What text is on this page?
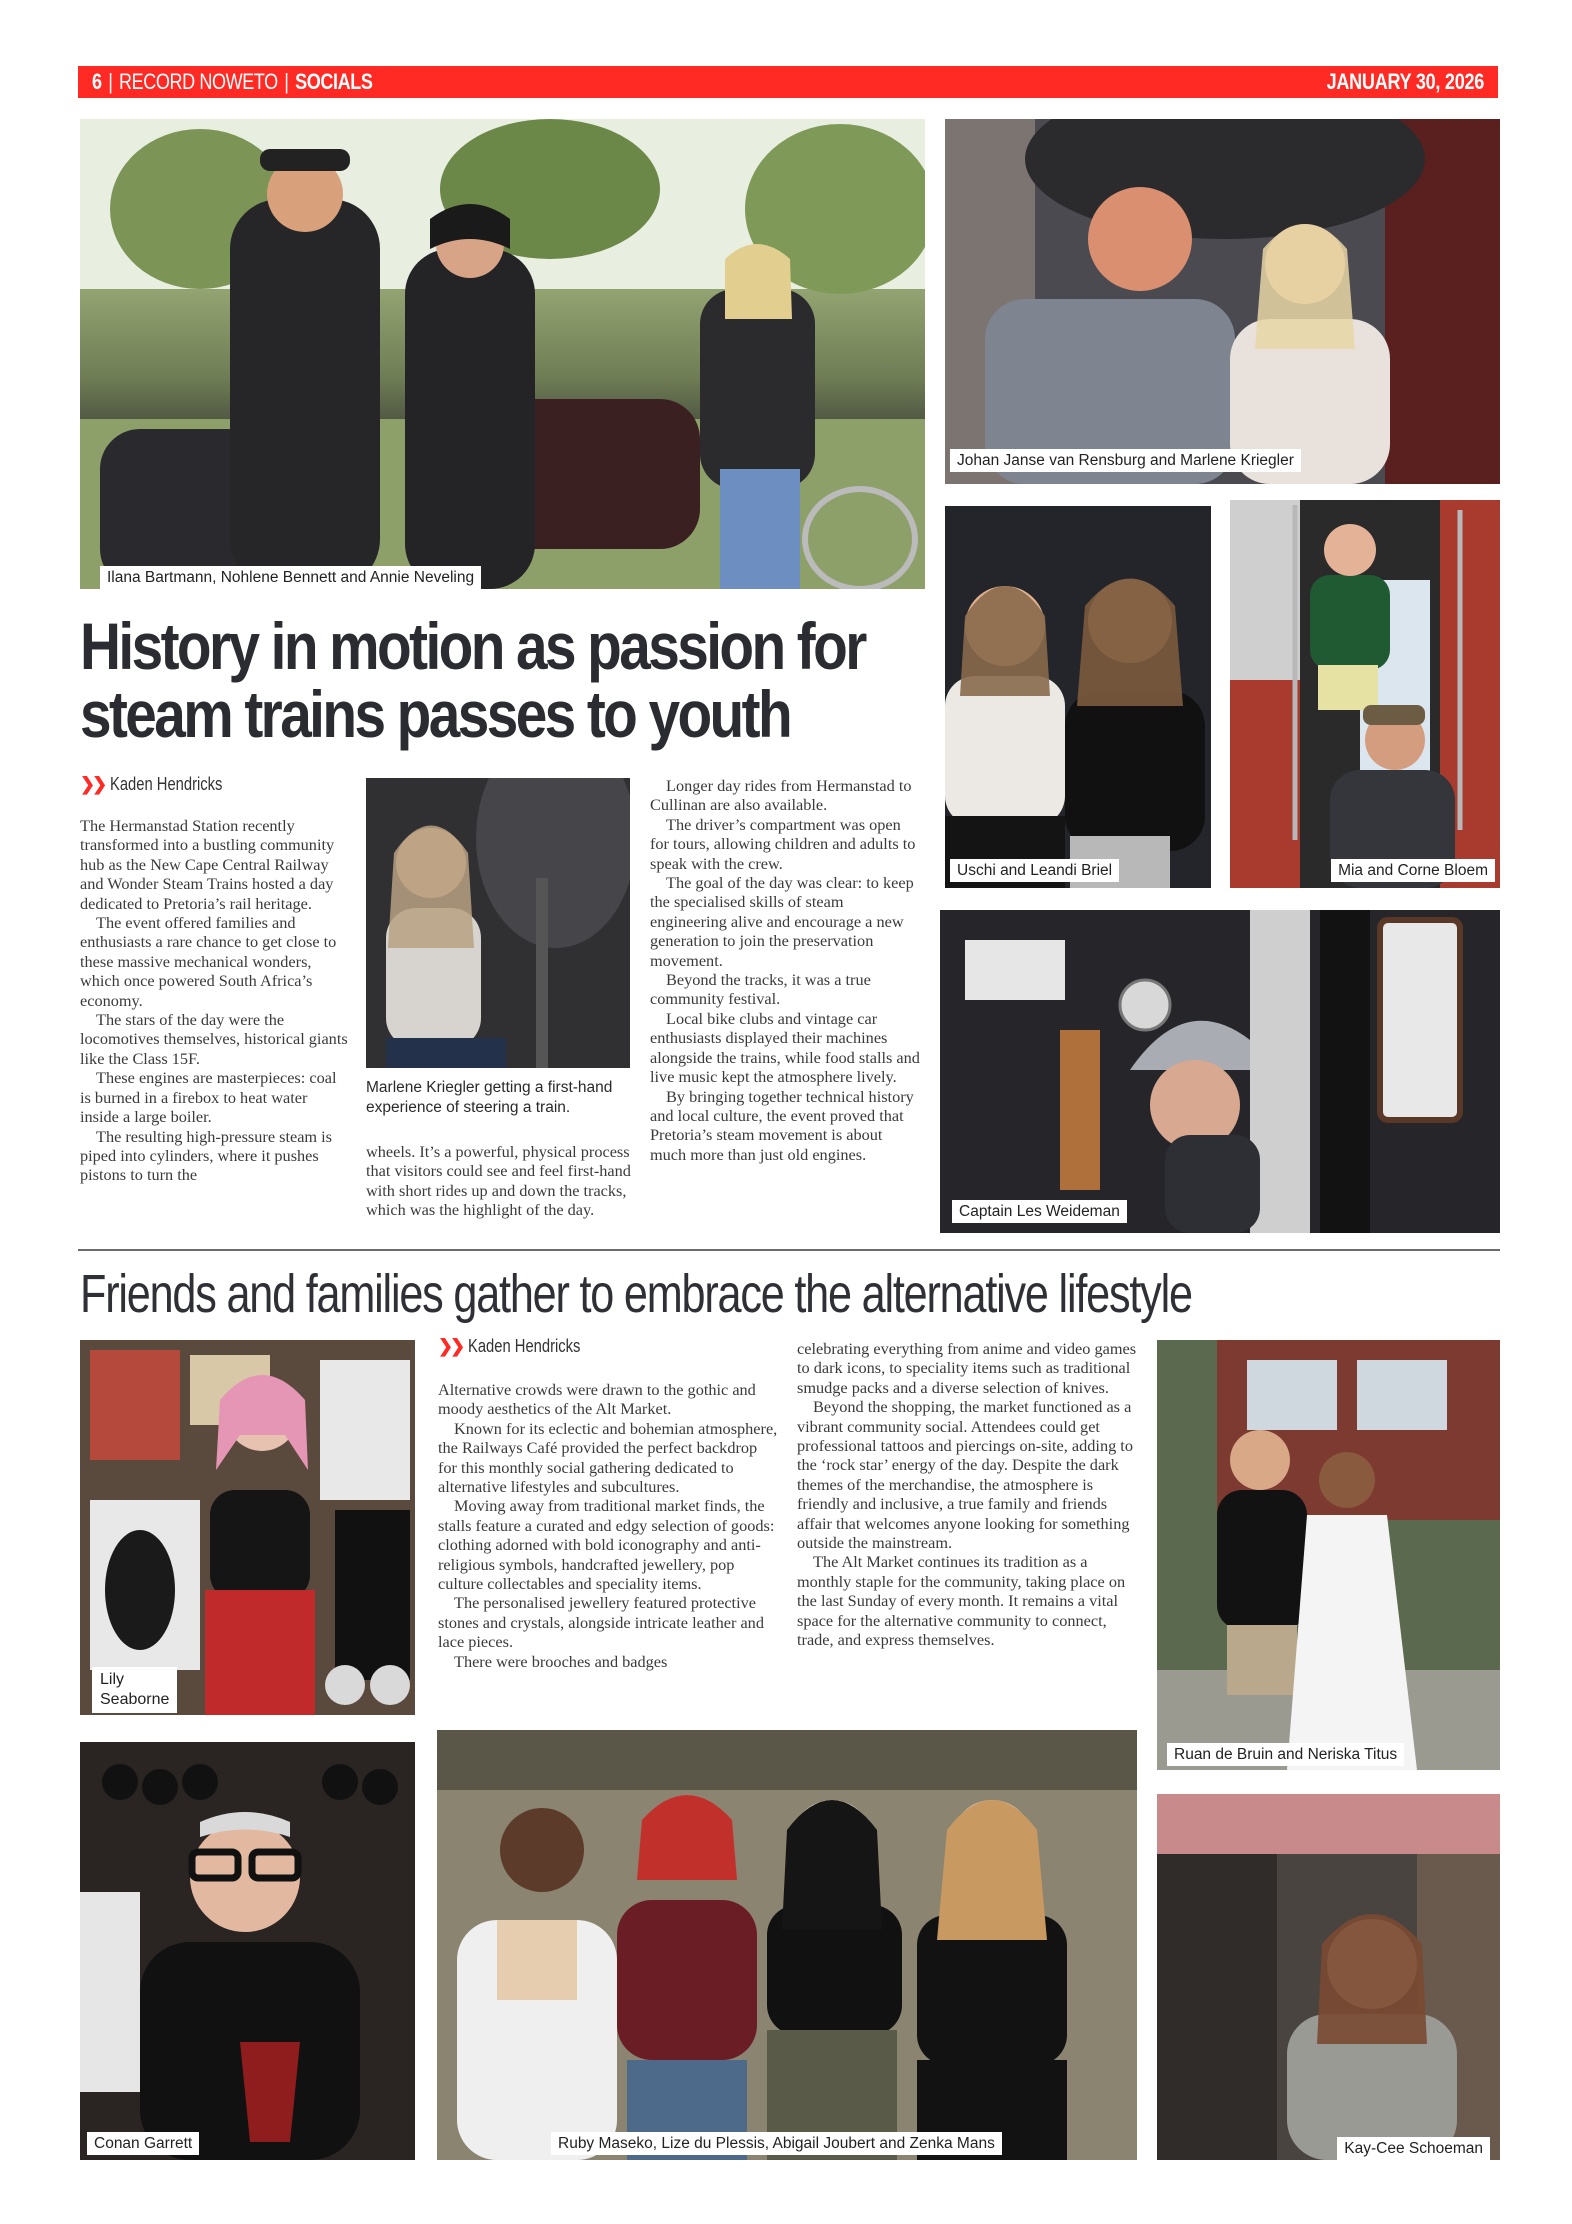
6 | RECORD NOWETO | SOCIALS	JANUARY 30, 2026
Ilana Bartmann, Nohlene Bennett and Annie Neveling
Johan Janse van Rensburg and Marlene Kriegler
Uschi and Leandi Briel	Mia and Corne Bloem
Captain Les Weideman
Marlene Kriegler getting a first-hand experience of steering a train.
History in motion as passion for
steam trains passes to youth
❯❯ Kaden Hendricks

The Hermanstad Station recently transformed into a bustling community hub as the New Cape Central Railway and Wonder Steam Trains hosted a day dedicated to Pretoria’s rail heritage.

The event offered families and enthusiasts a rare chance to get close to these massive mechanical wonders, which once powered South Africa’s economy.

The stars of the day were the locomotives themselves, historical giants like the Class 15F.

These engines are masterpieces: coal is burned in a firebox to heat water inside a large boiler.

The resulting high-pressure steam is piped into cylinders, where it pushes pistons to turn the

wheels. It’s a powerful, physical process that visitors could see and feel first-hand with short rides up and down the tracks, which was the highlight of the day.

Longer day rides from Hermanstad to Cullinan are also available.

The driver’s compartment was open for tours, allowing children and adults to speak with the crew.

The goal of the day was clear: to keep the specialised skills of steam engineering alive and encourage a new generation to join the preservation movement.

Beyond the tracks, it was a true community festival.

Local bike clubs and vintage car enthusiasts displayed their machines alongside the trains, while food stalls and live music kept the atmosphere lively.

By bringing together technical history and local culture, the event proved that Pretoria’s steam movement is about much more than just old engines.

Friends and families gather to embrace the alternative lifestyle
Lily
Seaborne
Ruan de Bruin and Neriska Titus
Conan Garrett	Ruby Maseko, Lize du Plessis, Abigail Joubert and Zenka Mans	Kay-Cee Schoeman
❯❯ Kaden Hendricks

Alternative crowds were drawn to the gothic and moody aesthetics of the Alt Market.

Known for its eclectic and bohemian atmosphere, the Railways Café provided the perfect backdrop for this monthly social gathering dedicated to alternative lifestyles and subcultures.

Moving away from traditional market finds, the stalls feature a curated and edgy selection of goods: clothing adorned with bold iconography and anti-religious symbols, handcrafted jewellery, pop culture collectables and speciality items.

The personalised jewellery featured protective stones and crystals, alongside intricate leather and lace pieces.

There were brooches and badges

celebrating everything from anime and video games to dark icons, to speciality items such as traditional smudge packs and a diverse selection of knives.

Beyond the shopping, the market functioned as a vibrant community social. Attendees could get professional tattoos and piercings on-site, adding to the ‘rock star’ energy of the day. Despite the dark themes of the merchandise, the atmosphere is friendly and inclusive, a true family and friends affair that welcomes anyone looking for something outside the mainstream.

The Alt Market continues its tradition as a monthly staple for the community, taking place on the last Sunday of every month. It remains a vital space for the alternative community to connect, trade, and express themselves.
